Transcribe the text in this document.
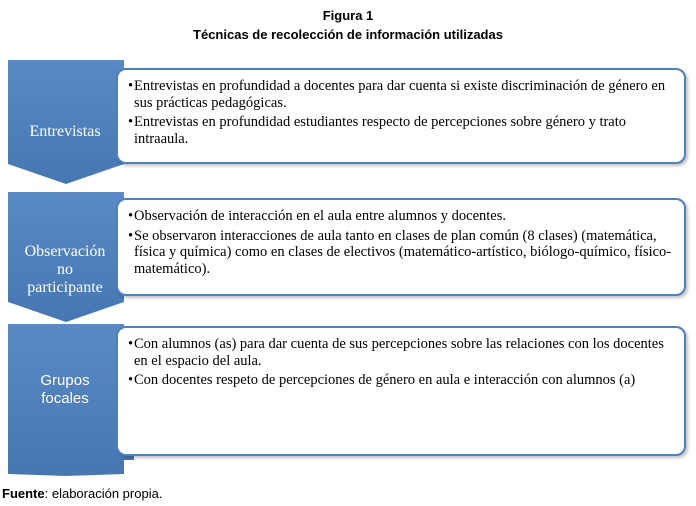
Figura 1
Técnicas de recolección de información utilizadas
Entrevistas
Observación
no
participante
Grupos
focales
• Entrevistas en profundidad a docentes para dar cuenta si existe discriminación de género en sus prácticas pedagógicas.
• Entrevistas en profundidad estudiantes respecto de percepciones sobre género y trato intraaula.
• Observación de interacción en el aula entre alumnos y docentes.
• Se observaron interacciones de aula tanto en clases de plan común (8 clases) (matemática, física y química) como en clases de electivos (matemático-artístico, biólogo-químico, físico-matemático).
• Con alumnos (as) para dar cuenta de sus percepciones sobre las relaciones con los docentes en el espacio del aula.
• Con docentes respeto de percepciones de género en aula e interacción con alumnos (a)
Fuente: elaboración propia.
